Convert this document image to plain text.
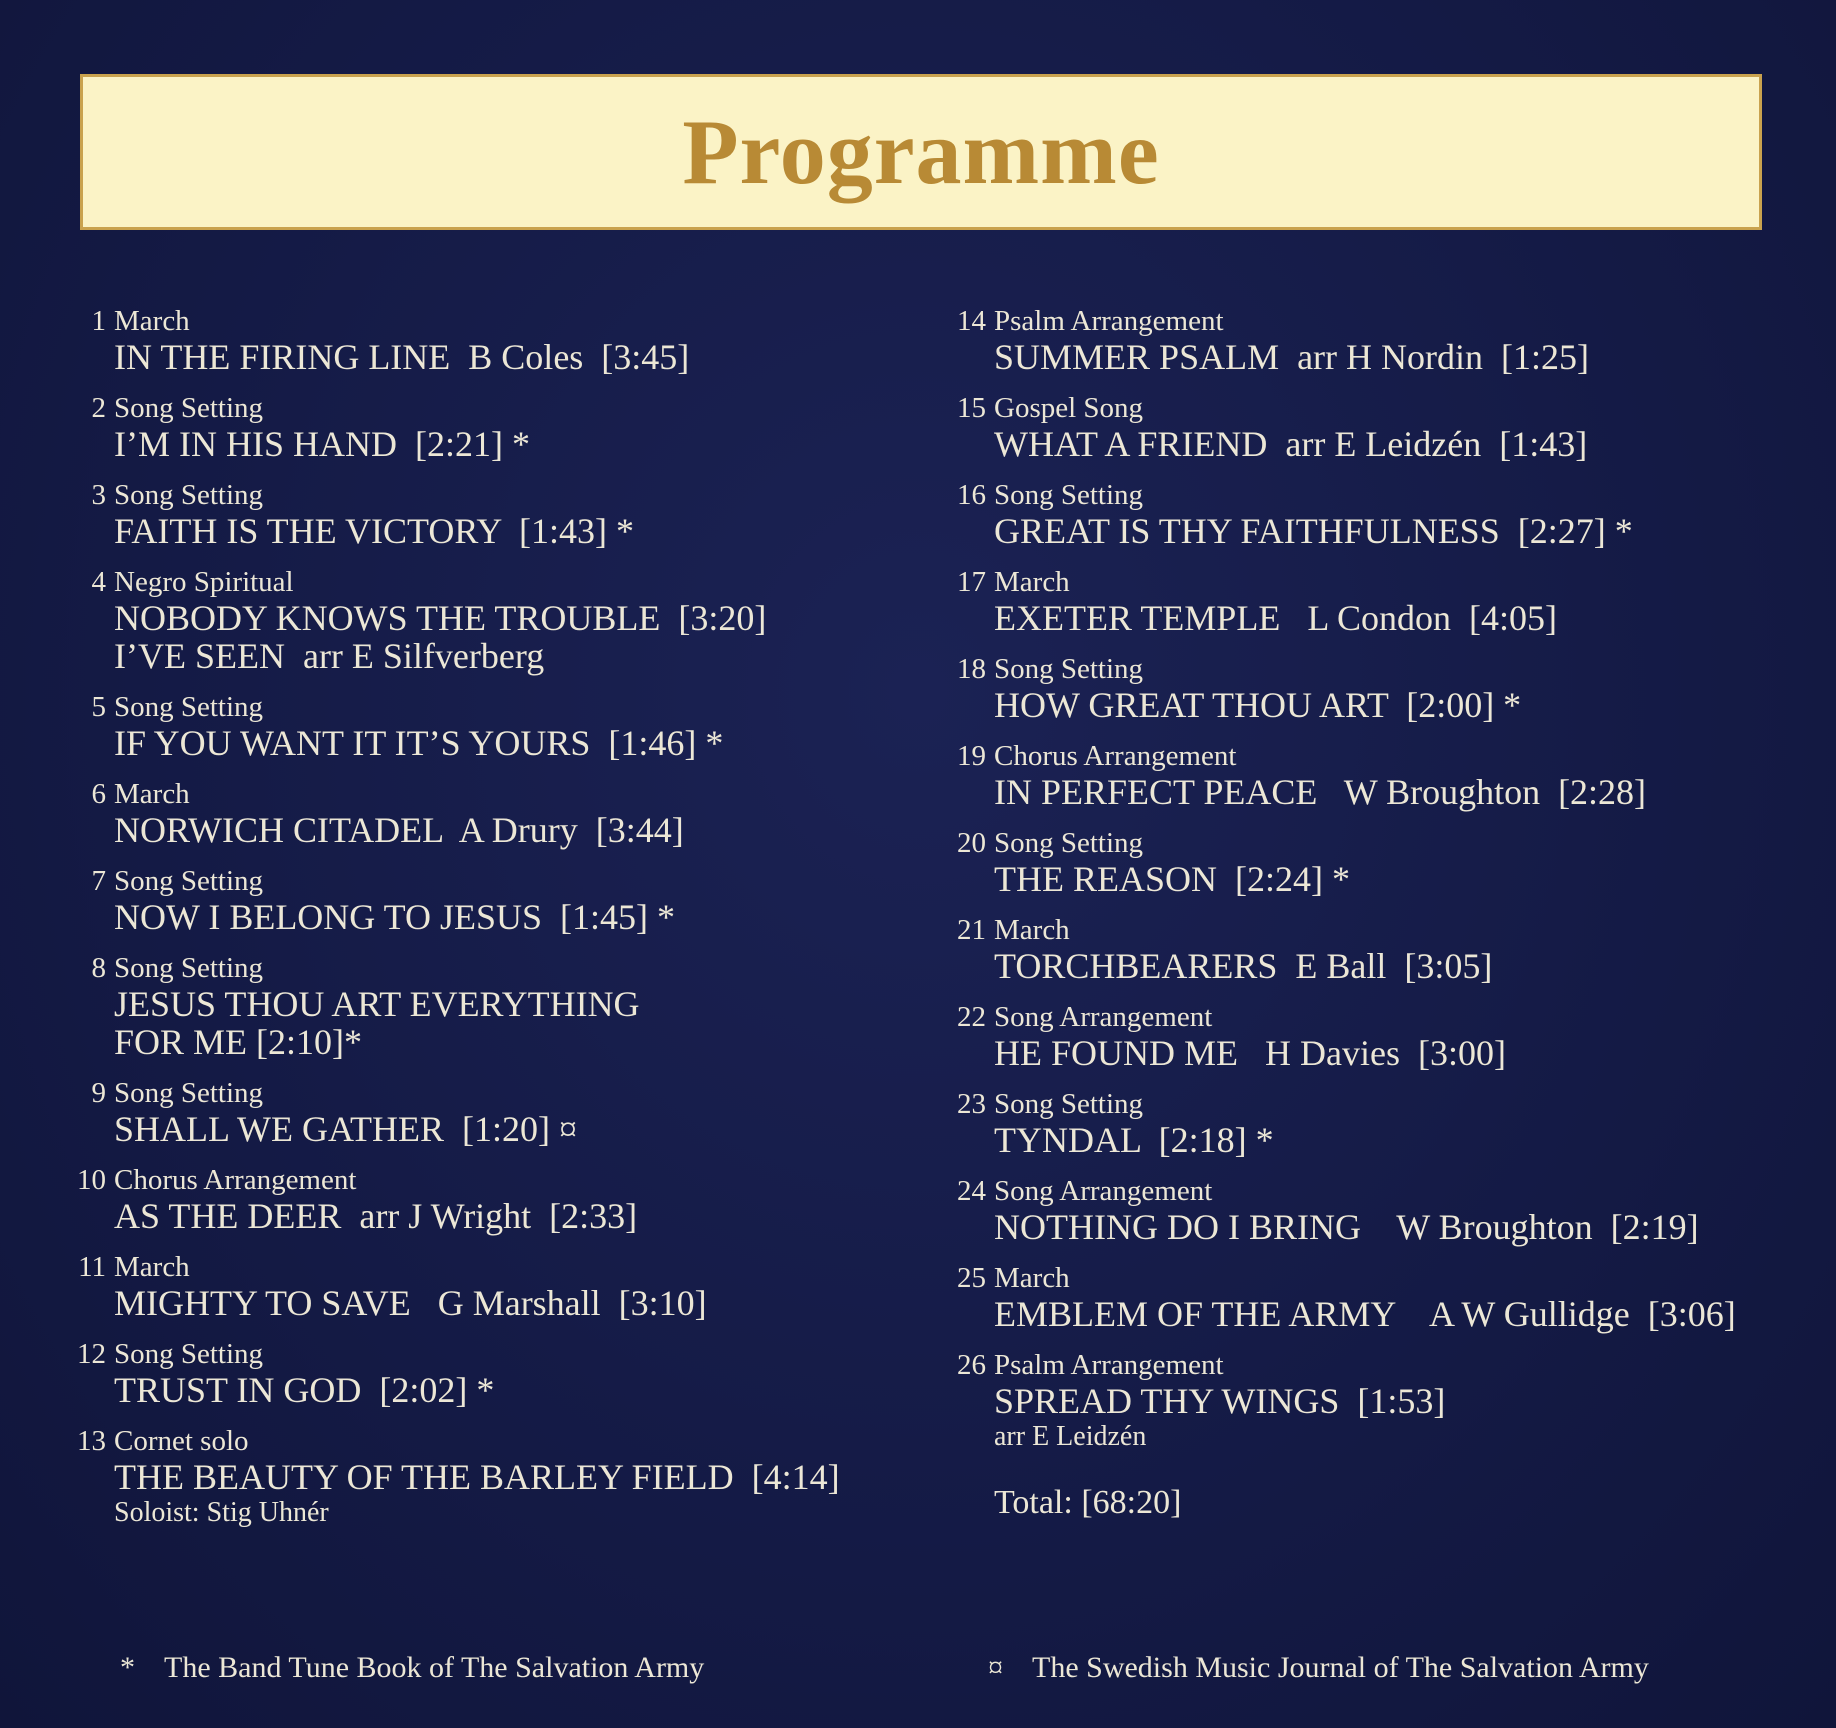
Programme
1 March
IN THE FIRING LINE  B Coles  [3:45]
2 Song Setting
I’M IN HIS HAND  [2:21] *
3 Song Setting
FAITH IS THE VICTORY  [1:43] *
4 Negro Spiritual
NOBODY KNOWS THE TROUBLE  [3:20]
I’VE SEEN  arr E Silfverberg
5 Song Setting
IF YOU WANT IT IT’S YOURS  [1:46] *
6 March
NORWICH CITADEL  A Drury  [3:44]
7 Song Setting
NOW I BELONG TO JESUS  [1:45] *
8 Song Setting
JESUS THOU ART EVERYTHING
FOR ME [2:10]*
9 Song Setting
SHALL WE GATHER  [1:20] ¤
10 Chorus Arrangement
AS THE DEER  arr J Wright  [2:33]
11 March
MIGHTY TO SAVE   G Marshall  [3:10]
12 Song Setting
TRUST IN GOD  [2:02] *
13 Cornet solo
THE BEAUTY OF THE BARLEY FIELD  [4:14]
Soloist: Stig Uhnér
14 Psalm Arrangement
SUMMER PSALM  arr H Nordin  [1:25]
15 Gospel Song
WHAT A FRIEND  arr E Leidzén  [1:43]
16 Song Setting
GREAT IS THY FAITHFULNESS  [2:27] *
17 March
EXETER TEMPLE   L Condon  [4:05]
18 Song Setting
HOW GREAT THOU ART  [2:00] *
19 Chorus Arrangement
IN PERFECT PEACE   W Broughton  [2:28]
20 Song Setting
THE REASON  [2:24] *
21 March
TORCHBEARERS  E Ball  [3:05]
22 Song Arrangement
HE FOUND ME   H Davies  [3:00]
23 Song Setting
TYNDAL  [2:18] *
24 Song Arrangement
NOTHING DO I BRING    W Broughton  [2:19]
25 March
EMBLEM OF THE ARMY    A W Gullidge  [3:06]
26 Psalm Arrangement
SPREAD THY WINGS  [1:53]
arr E Leidzén
Total: [68:20]
* The Band Tune Book of The Salvation Army	¤ The Swedish Music Journal of The Salvation Army
